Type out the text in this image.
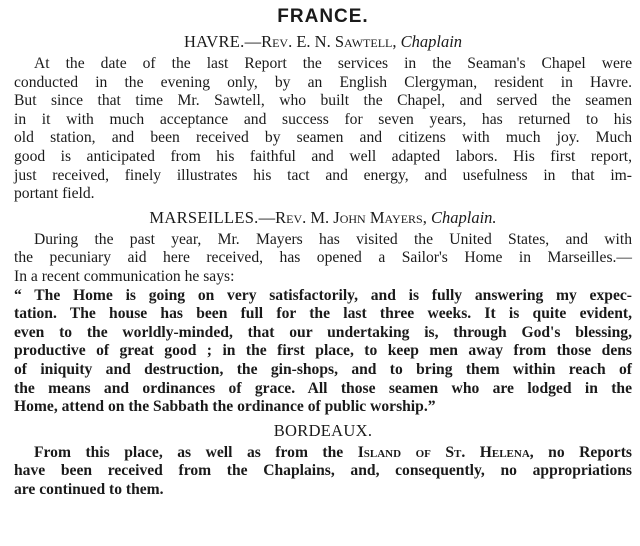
FRANCE.
HAVRE.—Rev. E. N. Sawtell, Chaplain
At the date of the last Report the services in the Seaman's Chapel were
conducted in the evening only, by an English Clergyman, resident in Havre.
But since that time Mr. Sawtell, who built the Chapel, and served the seamen
in it with much acceptance and success for seven years, has returned to his
old station, and been received by seamen and citizens with much joy. Much
good is anticipated from his faithful and well adapted labors. His first report,
just received, finely illustrates his tact and energy, and usefulness in that im-
portant field.
MARSEILLES.—Rev. M. John Mayers, Chaplain.
During the past year, Mr. Mayers has visited the United States, and with
the pecuniary aid here received, has opened a Sailor's Home in Marseilles.—
In a recent communication he says:
“ The Home is going on very satisfactorily, and is fully answering my expec-
tation. The house has been full for the last three weeks. It is quite evident,
even to the worldly-minded, that our undertaking is, through God's blessing,
productive of great good ; in the first place, to keep men away from those dens
of iniquity and destruction, the gin-shops, and to bring them within reach of
the means and ordinances of grace. All those seamen who are lodged in the
Home, attend on the Sabbath the ordinance of public worship.”
BORDEAUX.
From this place, as well as from the Island of St. Helena, no Reports
have been received from the Chaplains, and, consequently, no appropriations
are continued to them.
